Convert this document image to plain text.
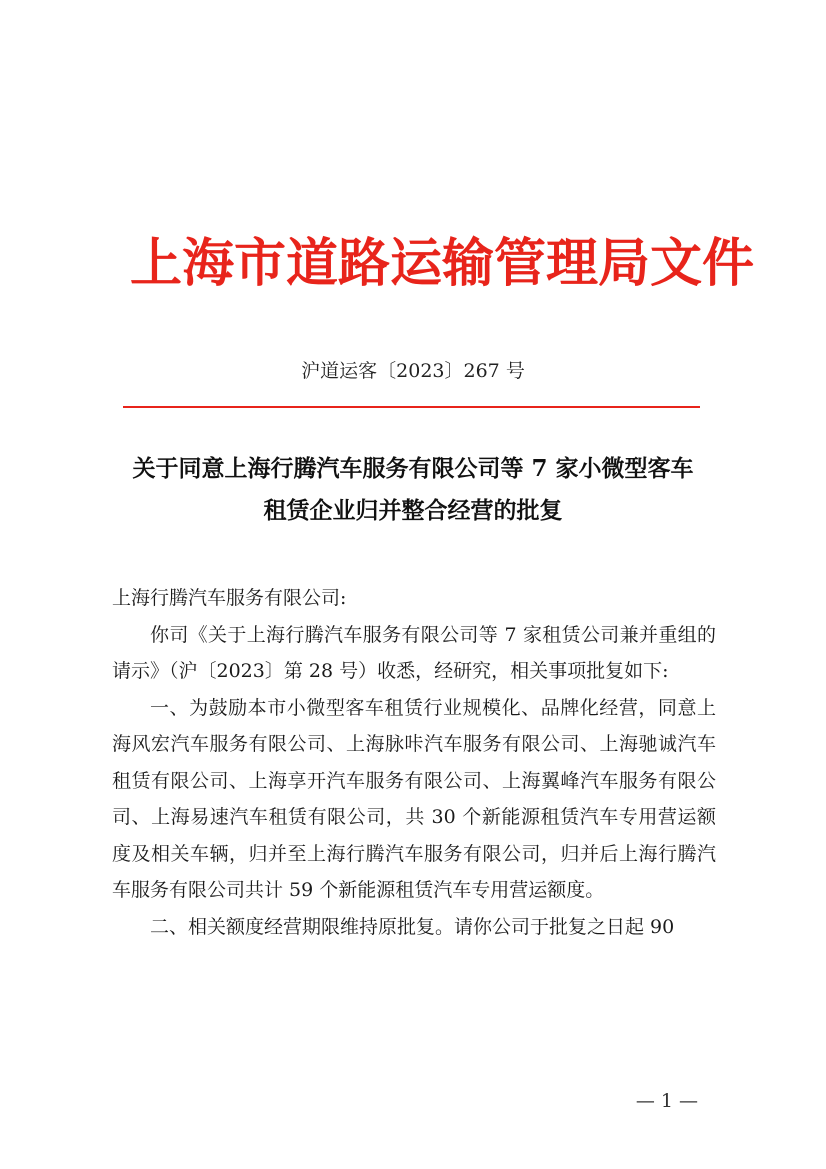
上海市道路运输管理局文件
沪道运客〔2023〕267 号
关于同意上海行腾汽车服务有限公司等 7 家小微型客车
租赁企业归并整合经营的批复

上海行腾汽车服务有限公司:

你司《关于上海行腾汽车服务有限公司等 7 家租赁公司兼并重组的请示》（沪〔2023〕第 28 号）收悉，经研究，相关事项批复如下:

一、为鼓励本市小微型客车租赁行业规模化、品牌化经营，同意上海风宏汽车服务有限公司、上海脉咔汽车服务有限公司、上海驰诚汽车租赁有限公司、上海享开汽车服务有限公司、上海翼峰汽车服务有限公司、上海易速汽车租赁有限公司，共 30 个新能源租赁汽车专用营运额度及相关车辆，归并至上海行腾汽车服务有限公司，归并后上海行腾汽车服务有限公司共计 59 个新能源租赁汽车专用营运额度。

二、相关额度经营期限维持原批复。请你公司于批复之日起 90

— 1 —
